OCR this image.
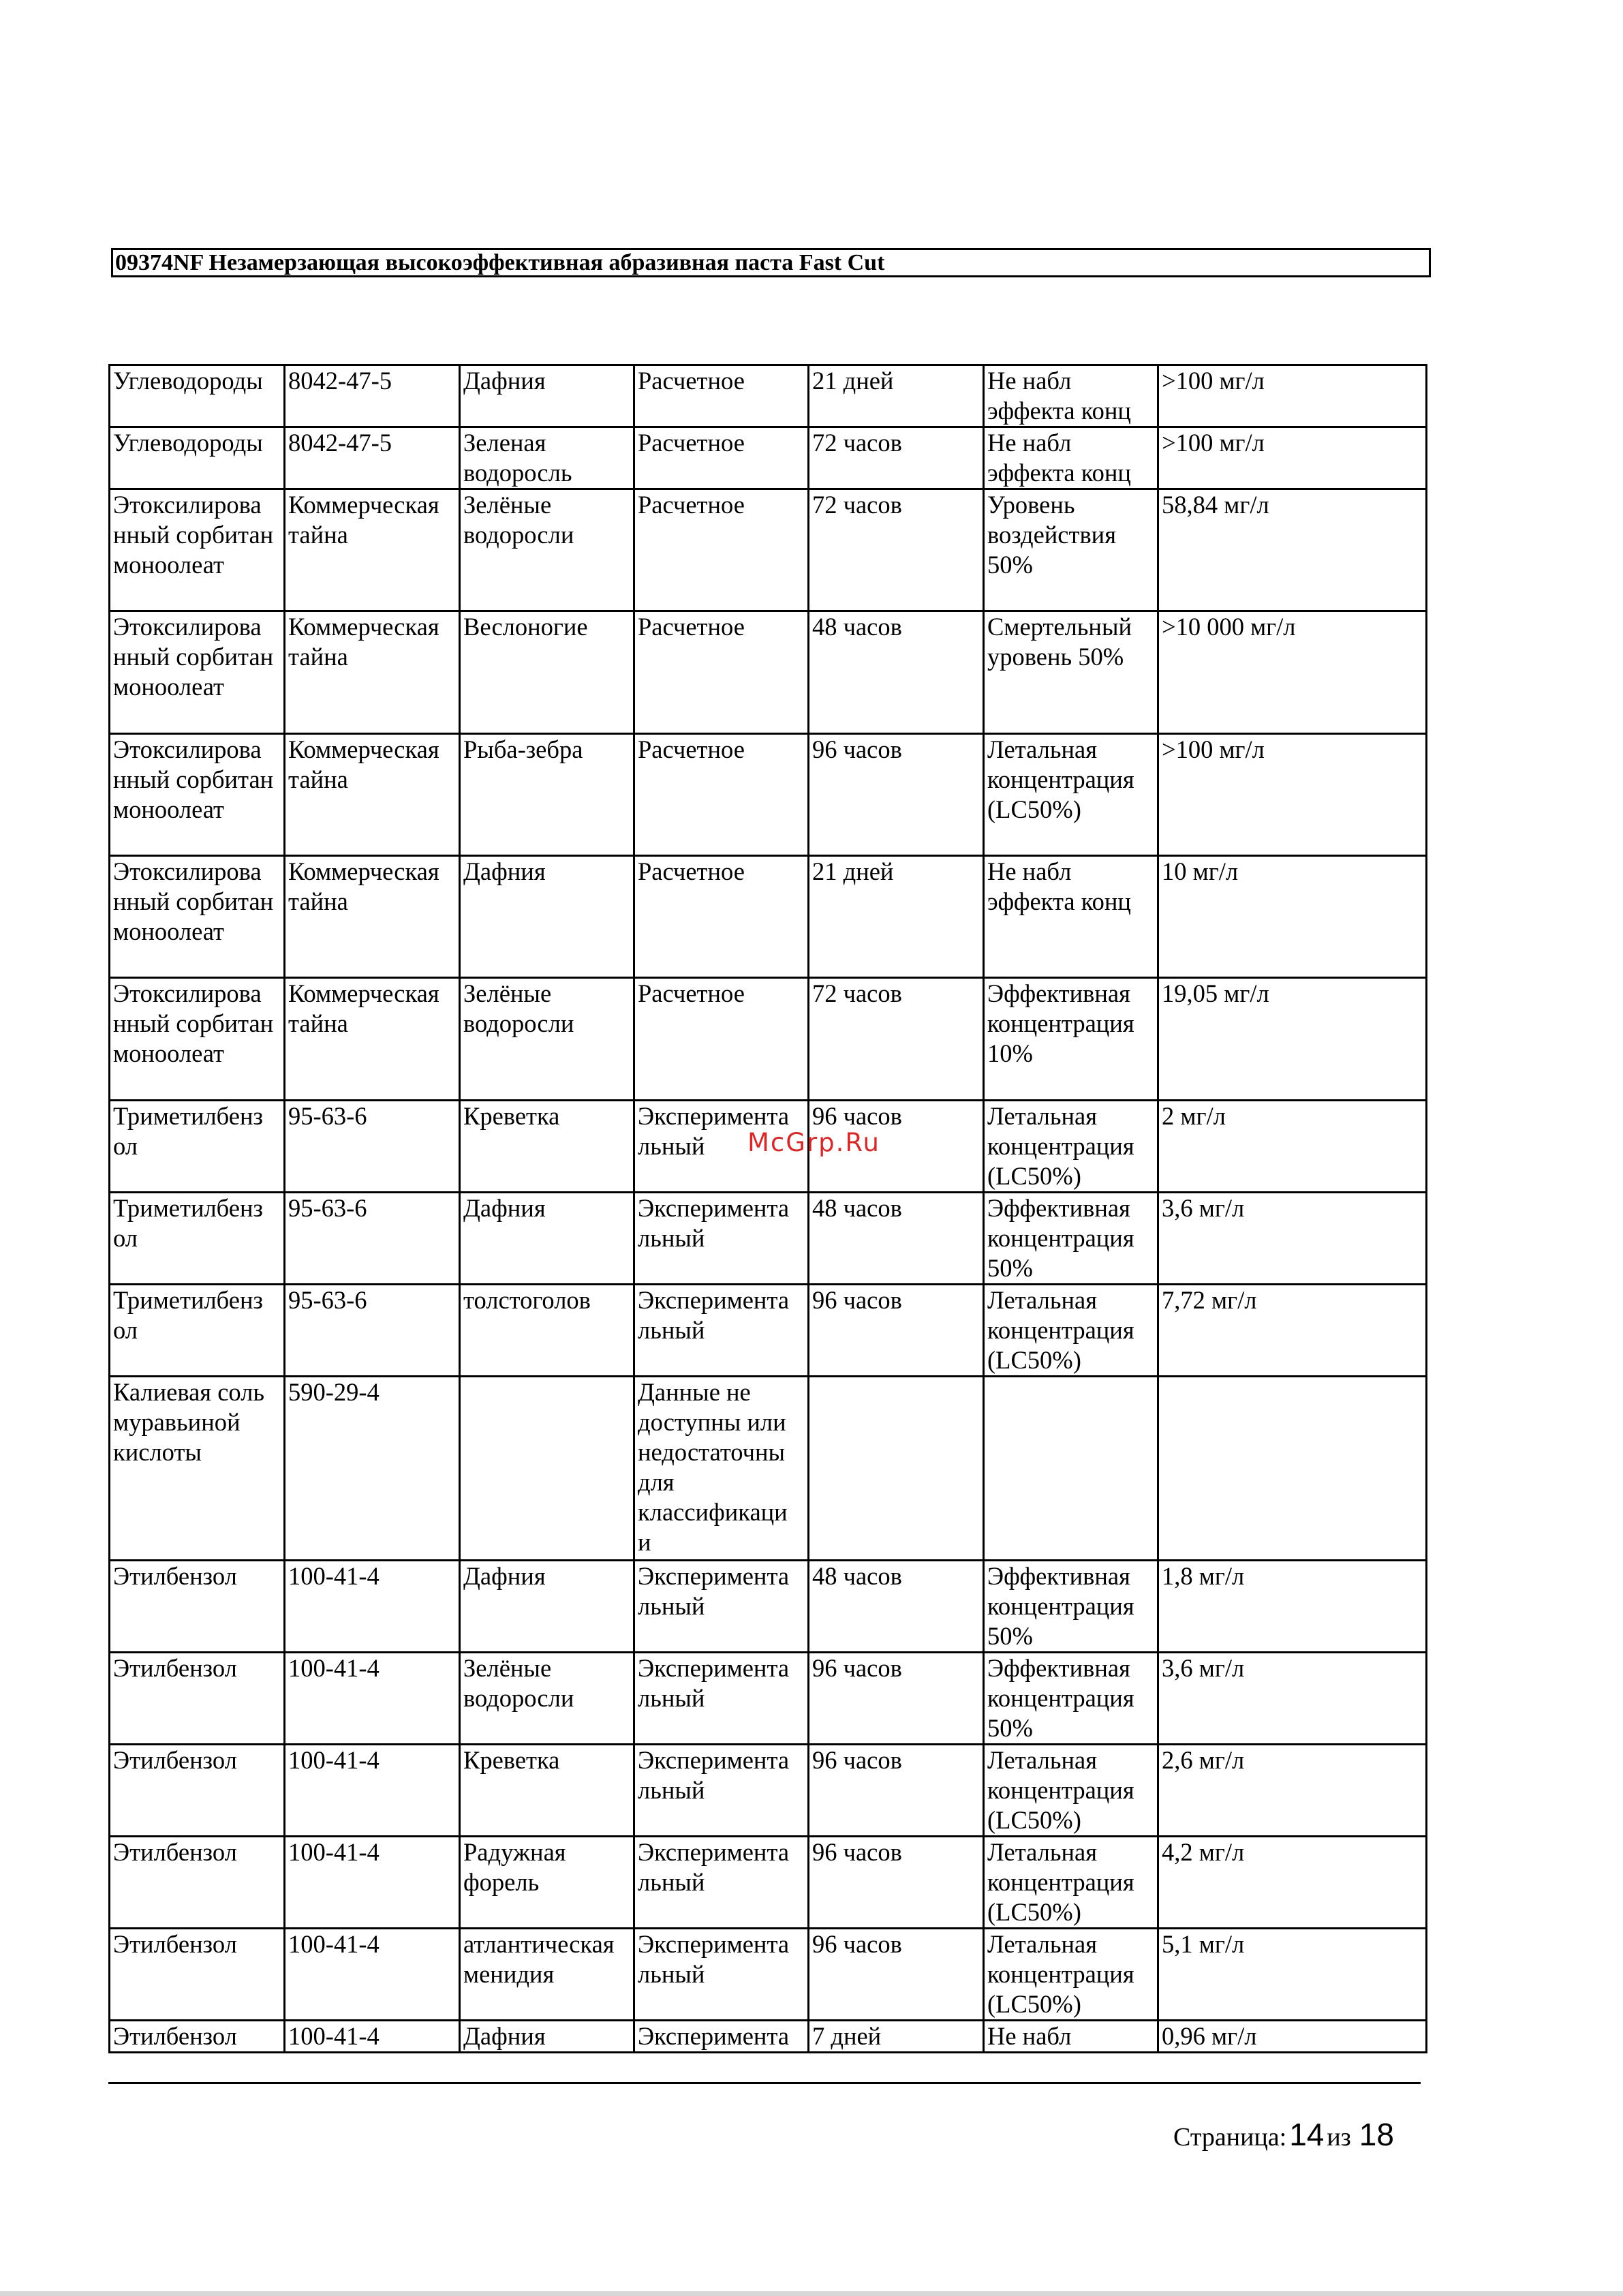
09374NF Незамерзающая высокоэффективная абразивная паста Fast Cut
Углеводороды	8042-47-5	Дафния	Расчетное	21 дней	Не набл эффекта конц	>100 мг/л
Углеводороды	8042-47-5	Зеленая водоросль	Расчетное	72 часов	Не набл эффекта конц	>100 мг/л
Этоксилирова нный сорбитан моноолеат	Коммерческая тайна	Зелёные водоросли	Расчетное	72 часов	Уровень воздействия 50%	58,84 мг/л
Этоксилирова нный сорбитан моноолеат	Коммерческая тайна	Веслоногие	Расчетное	48 часов	Смертельный уровень 50%	>10 000 мг/л
Этоксилирова нный сорбитан моноолеат	Коммерческая тайна	Рыба-зебра	Расчетное	96 часов	Летальная концентрация (LC50%)	>100 мг/л
Этоксилирова нный сорбитан моноолеат	Коммерческая тайна	Дафния	Расчетное	21 дней	Не набл эффекта конц	10 мг/л
Этоксилирова нный сорбитан моноолеат	Коммерческая тайна	Зелёные водоросли	Расчетное	72 часов	Эффективная концентрация 10%	19,05 мг/л
Триметилбенз ол	95-63-6	Креветка	Эксперимента льный	96 часов	Летальная концентрация (LC50%)	2 мг/л
Триметилбенз ол	95-63-6	Дафния	Эксперимента льный	48 часов	Эффективная концентрация 50%	3,6 мг/л
Триметилбенз ол	95-63-6	толстоголов	Эксперимента льный	96 часов	Летальная концентрация (LC50%)	7,72 мг/л
Калиевая соль муравьиной кислоты	590-29-4		Данные не доступны или недостаточны для классификаци и			
Этилбензол	100-41-4	Дафния	Эксперимента льный	48 часов	Эффективная концентрация 50%	1,8 мг/л
Этилбензол	100-41-4	Зелёные водоросли	Эксперимента льный	96 часов	Эффективная концентрация 50%	3,6 мг/л
Этилбензол	100-41-4	Креветка	Эксперимента льный	96 часов	Летальная концентрация (LC50%)	2,6 мг/л
Этилбензол	100-41-4	Радужная форель	Эксперимента льный	96 часов	Летальная концентрация (LC50%)	4,2 мг/л
Этилбензол	100-41-4	атлантическая менидия	Эксперимента льный	96 часов	Летальная концентрация (LC50%)	5,1 мг/л
Этилбензол	100-41-4	Дафния	Эксперимента	7 дней	Не набл	0,96 мг/л
McGrp.Ru
Страница: 14 из 18
